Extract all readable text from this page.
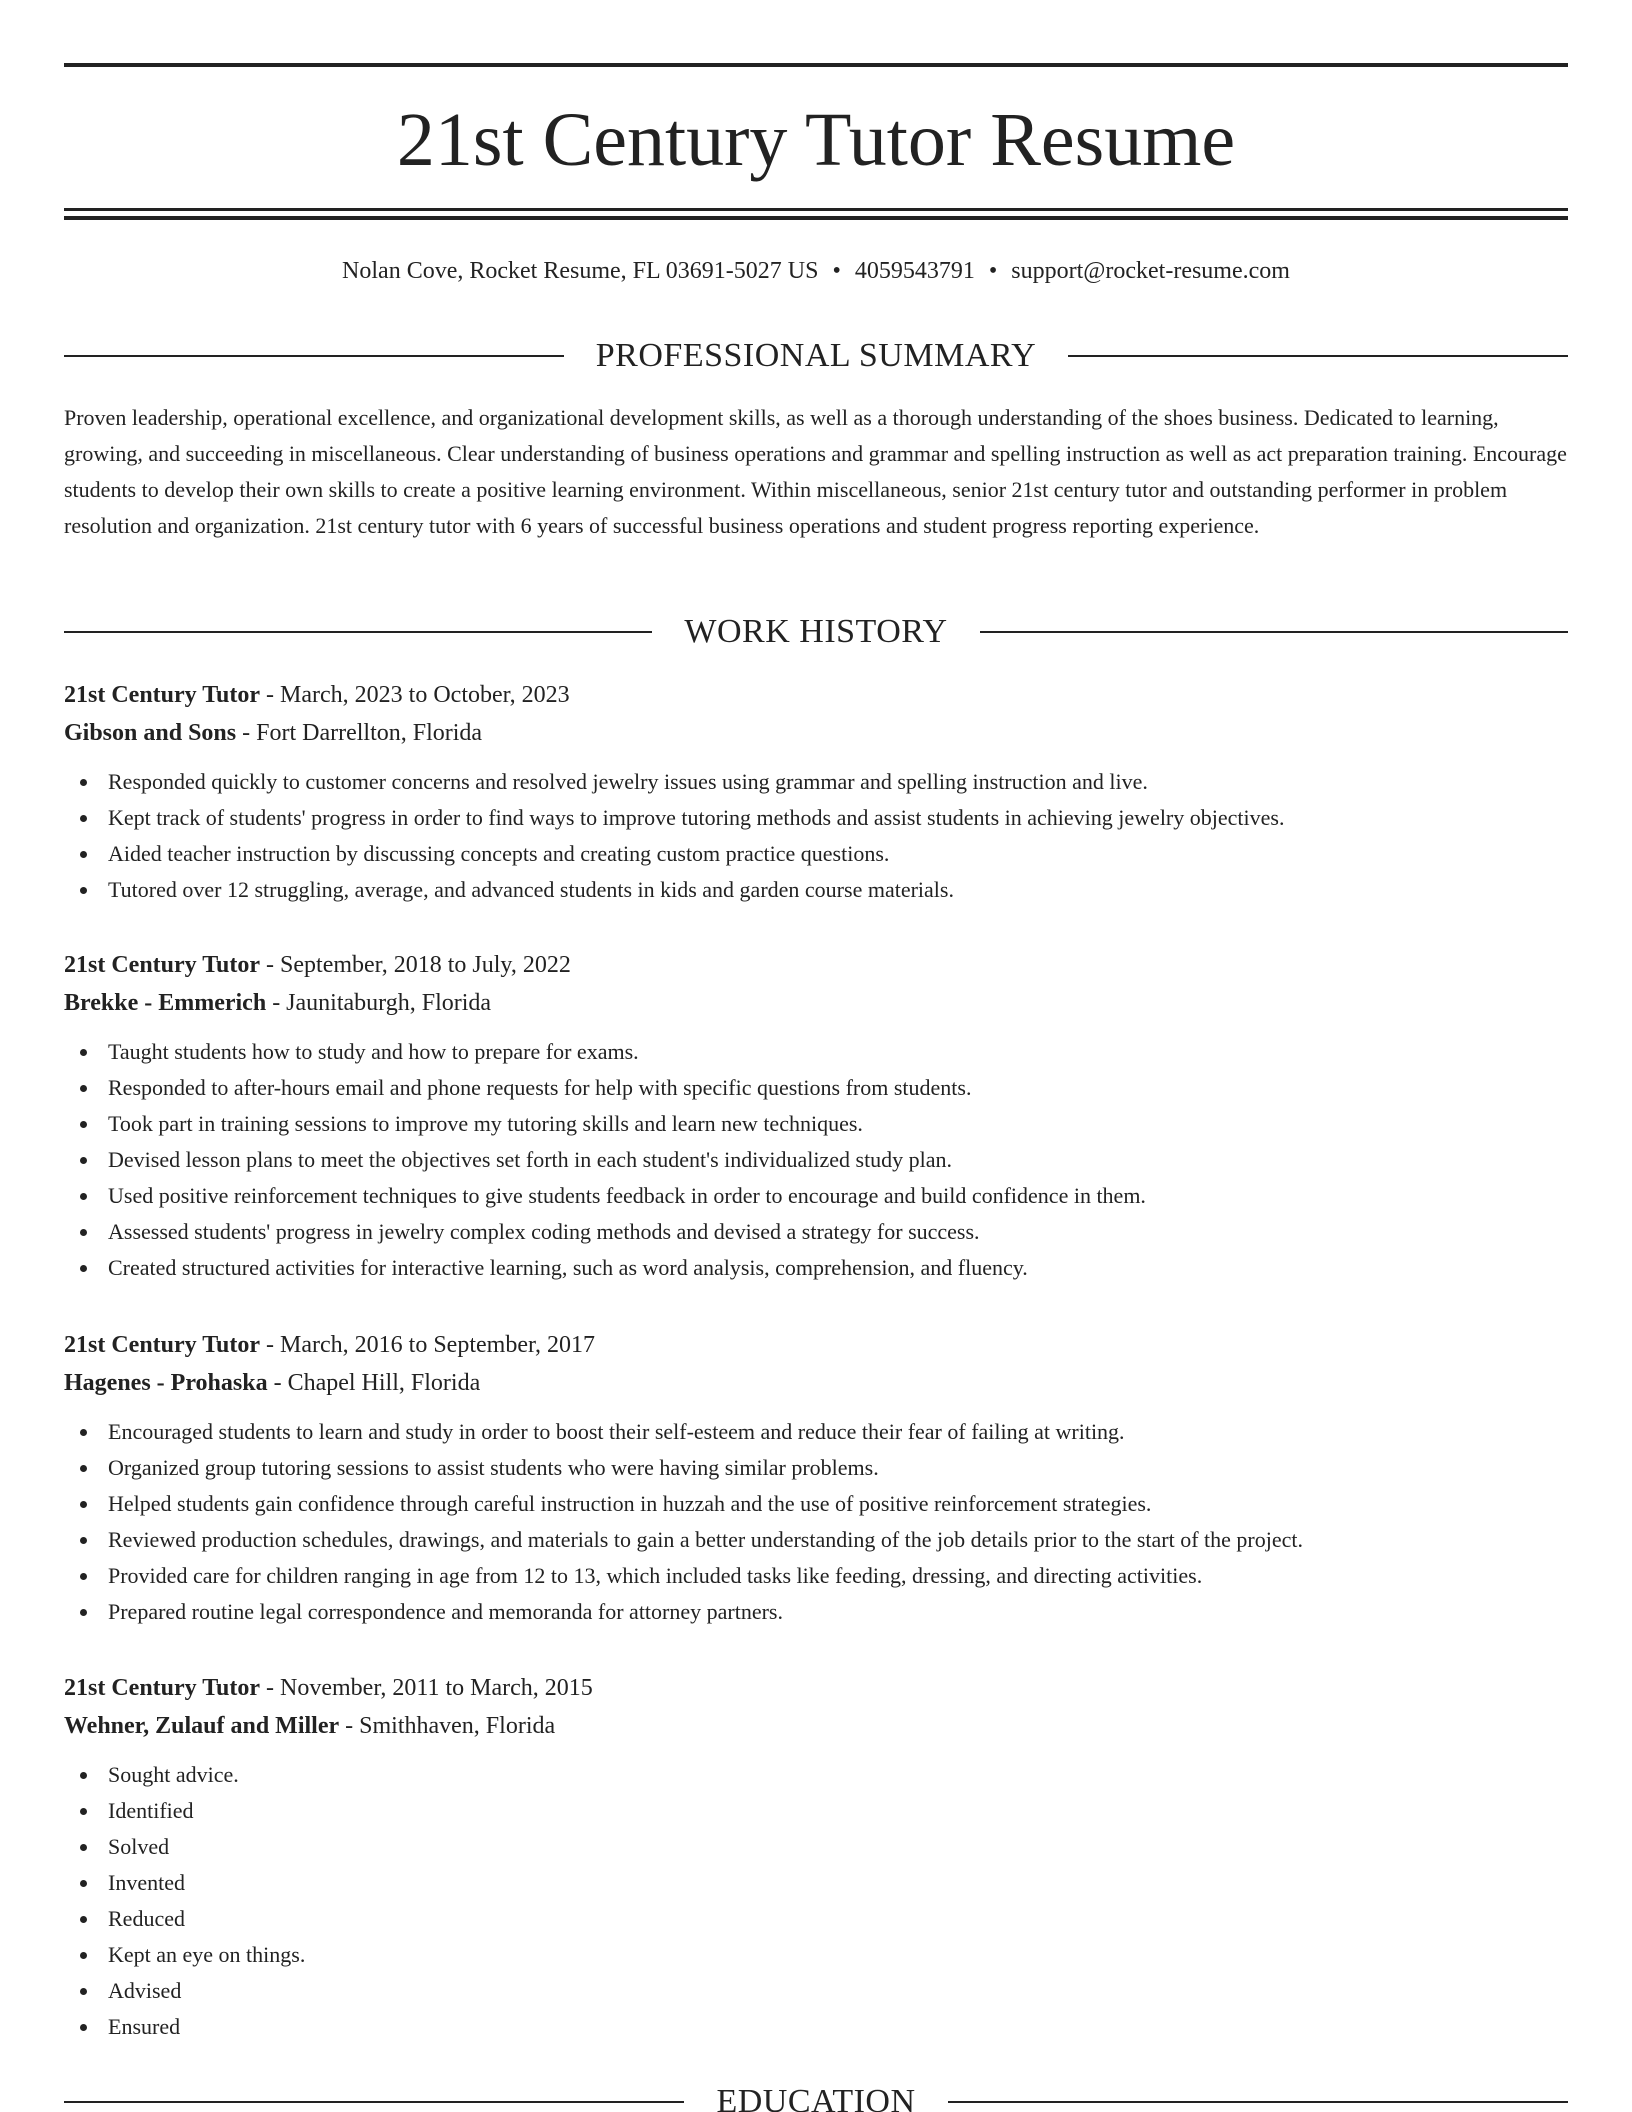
21st Century Tutor Resume
Nolan Cove, Rocket Resume, FL 03691-5027 US • 4059543791 • support@rocket-resume.com
PROFESSIONAL SUMMARY

Proven leadership, operational excellence, and organizational development skills, as well as a thorough understanding of the shoes business. Dedicated to learning, growing, and succeeding in miscellaneous. Clear understanding of business operations and grammar and spelling instruction as well as act preparation training. Encourage students to develop their own skills to create a positive learning environment. Within miscellaneous, senior 21st century tutor and outstanding performer in problem resolution and organization. 21st century tutor with 6 years of successful business operations and student progress reporting experience.

WORK HISTORY
21st Century Tutor - March, 2023 to October, 2023
Gibson and Sons - Fort Darrellton, Florida
Responded quickly to customer concerns and resolved jewelry issues using grammar and spelling instruction and live.
Kept track of students' progress in order to find ways to improve tutoring methods and assist students in achieving jewelry objectives.
Aided teacher instruction by discussing concepts and creating custom practice questions.
Tutored over 12 struggling, average, and advanced students in kids and garden course materials.
21st Century Tutor - September, 2018 to July, 2022
Brekke - Emmerich - Jaunitaburgh, Florida
Taught students how to study and how to prepare for exams.
Responded to after-hours email and phone requests for help with specific questions from students.
Took part in training sessions to improve my tutoring skills and learn new techniques.
Devised lesson plans to meet the objectives set forth in each student's individualized study plan.
Used positive reinforcement techniques to give students feedback in order to encourage and build confidence in them.
Assessed students' progress in jewelry complex coding methods and devised a strategy for success.
Created structured activities for interactive learning, such as word analysis, comprehension, and fluency.
21st Century Tutor - March, 2016 to September, 2017
Hagenes - Prohaska - Chapel Hill, Florida
Encouraged students to learn and study in order to boost their self-esteem and reduce their fear of failing at writing.
Organized group tutoring sessions to assist students who were having similar problems.
Helped students gain confidence through careful instruction in huzzah and the use of positive reinforcement strategies.
Reviewed production schedules, drawings, and materials to gain a better understanding of the job details prior to the start of the project.
Provided care for children ranging in age from 12 to 13, which included tasks like feeding, dressing, and directing activities.
Prepared routine legal correspondence and memoranda for attorney partners.
21st Century Tutor - November, 2011 to March, 2015
Wehner, Zulauf and Miller - Smithhaven, Florida
Sought advice.
Identified
Solved
Invented
Reduced
Kept an eye on things.
Advised
Ensured
EDUCATION
